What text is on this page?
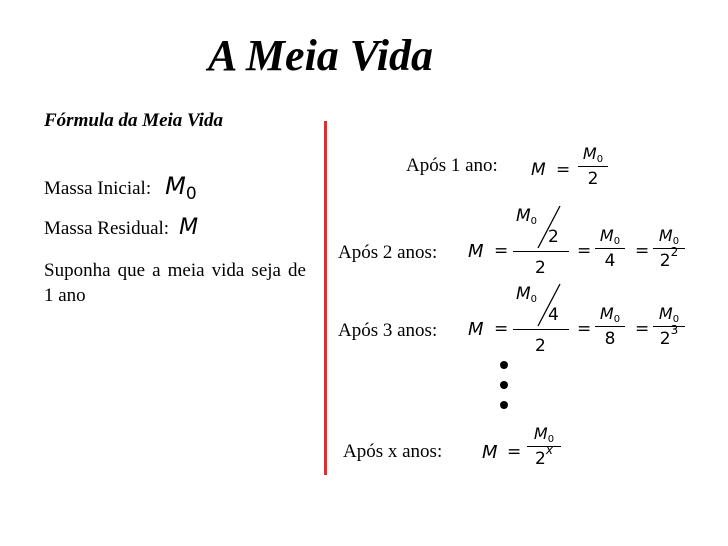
A Meia Vida
Fórmula da Meia Vida
Massa Inicial: M0
Massa Residual: M
Suponha que a meia vida seja de 1 ano
Após 1 ano: M =
M0
2
Após 2 anos: M =
M0
2
2
=
M0
4	=
M0
$2^2$
Após 3 anos: M =
M0
4
2
=
M0
8	=
M0
$2^3$
Após x anos: M =
M0
2$^x$
